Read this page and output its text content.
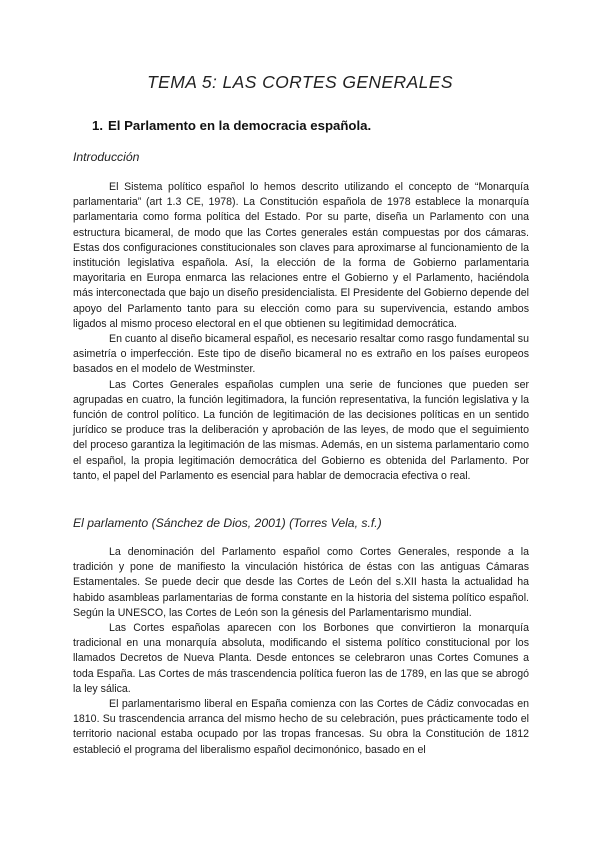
TEMA 5: LAS CORTES GENERALES
1. El Parlamento en la democracia española.
Introducción

El Sistema político español lo hemos descrito utilizando el concepto de “Monarquía parlamentaria” (art 1.3 CE, 1978). La Constitución española de 1978 establece la monarquía parlamentaria como forma política del Estado. Por su parte, diseña un Parlamento con una estructura bicameral, de modo que las Cortes generales están compuestas por dos cámaras. Estas dos configuraciones constitucionales son claves para aproximarse al funcionamiento de la institución legislativa española. Así, la elección de la forma de Gobierno parlamentaria mayoritaria en Europa enmarca las relaciones entre el Gobierno y el Parlamento, haciéndola más interconectada que bajo un diseño presidencialista. El Presidente del Gobierno depende del apoyo del Parlamento tanto para su elección como para su supervivencia, estando ambos ligados al mismo proceso electoral en el que obtienen su legitimidad democrática.

En cuanto al diseño bicameral español, es necesario resaltar como rasgo fundamental su asimetría o imperfección. Este tipo de diseño bicameral no es extraño en los países europeos basados en el modelo de Westminster.

Las Cortes Generales españolas cumplen una serie de funciones que pueden ser agrupadas en cuatro, la función legitimadora, la función representativa, la función legislativa y la función de control político. La función de legitimación de las decisiones políticas en un sentido jurídico se produce tras la deliberación y aprobación de las leyes, de modo que el seguimiento del proceso garantiza la legitimación de las mismas. Además, en un sistema parlamentario como el español, la propia legitimación democrática del Gobierno es obtenida del Parlamento. Por tanto, el papel del Parlamento es esencial para hablar de democracia efectiva o real.

El parlamento (Sánchez de Dios, 2001) (Torres Vela, s.f.)

La denominación del Parlamento español como Cortes Generales, responde a la tradición y pone de manifiesto la vinculación histórica de éstas con las antiguas Cámaras Estamentales. Se puede decir que desde las Cortes de León del s.XII hasta la actualidad ha habido asambleas parlamentarias de forma constante en la historia del sistema político español. Según la UNESCO, las Cortes de León son la génesis del Parlamentarismo mundial.

Las Cortes españolas aparecen con los Borbones que convirtieron la monarquía tradicional en una monarquía absoluta, modificando el sistema político constitucional por los llamados Decretos de Nueva Planta. Desde entonces se celebraron unas Cortes Comunes a toda España. Las Cortes de más trascendencia política fueron las de 1789, en las que se abrogó la ley sálica.

El parlamentarismo liberal en España comienza con las Cortes de Cádiz convocadas en 1810. Su trascendencia arranca del mismo hecho de su celebración, pues prácticamente todo el territorio nacional estaba ocupado por las tropas francesas. Su obra la Constitución de 1812 estableció el programa del liberalismo español decimonónico, basado en el
